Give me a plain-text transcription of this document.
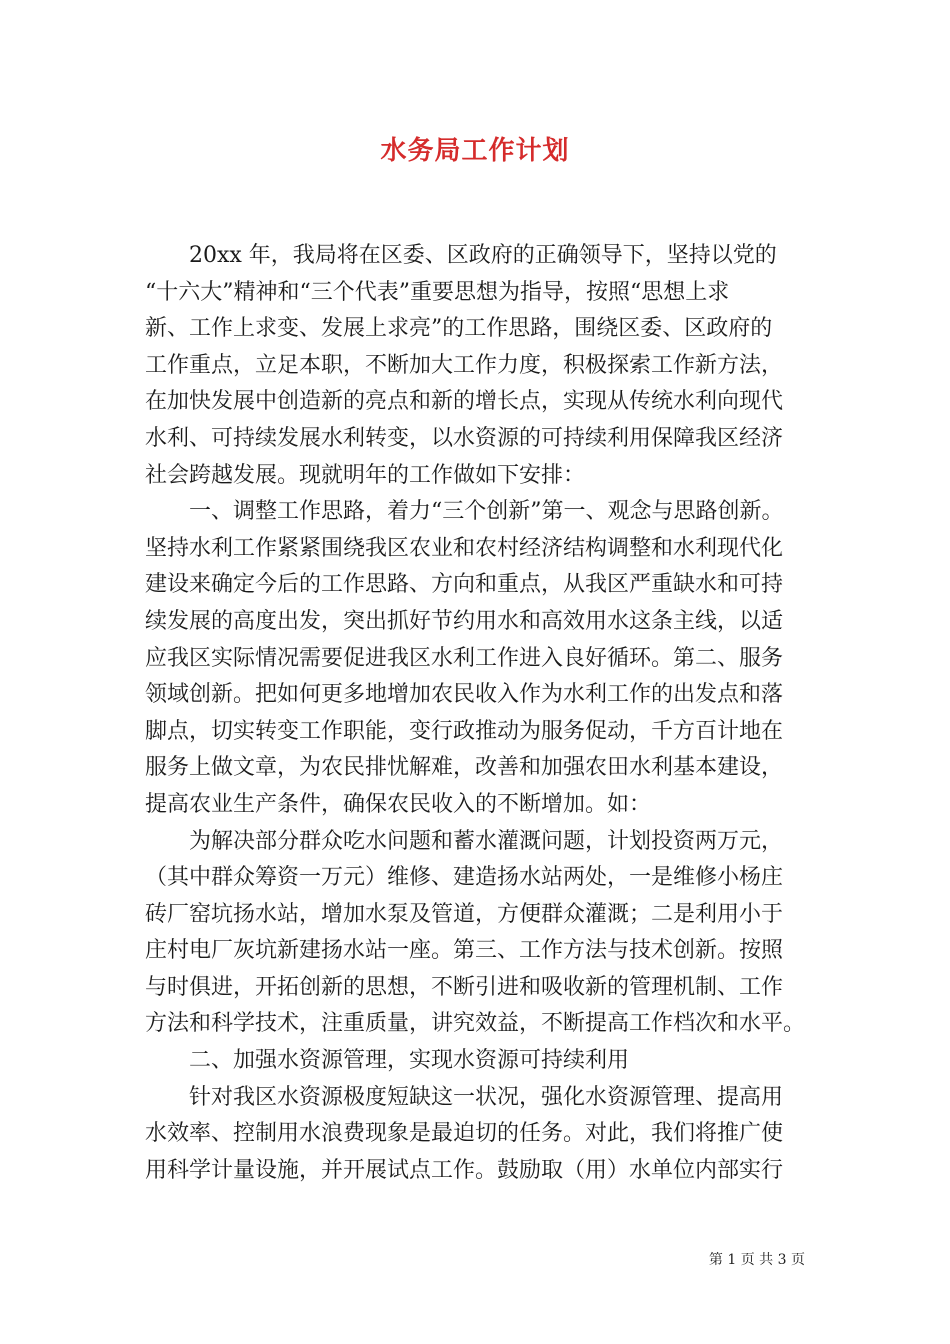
水务局工作计划
20xx 年，我局将在区委、区政府的正确领导下，坚持以党的
“十六大”精神和“三个代表”重要思想为指导，按照“思想上求
新、工作上求变、发展上求亮”的工作思路，围绕区委、区政府的
工作重点，立足本职，不断加大工作力度，积极探索工作新方法，
在加快发展中创造新的亮点和新的增长点，实现从传统水利向现代
水利、可持续发展水利转变，以水资源的可持续利用保障我区经济
社会跨越发展。现就明年的工作做如下安排：
一、调整工作思路，着力“三个创新”第一、观念与思路创新。
坚持水利工作紧紧围绕我区农业和农村经济结构调整和水利现代化
建设来确定今后的工作思路、方向和重点，从我区严重缺水和可持
续发展的高度出发，突出抓好节约用水和高效用水这条主线，以适
应我区实际情况需要促进我区水利工作进入良好循环。第二、服务
领域创新。把如何更多地增加农民收入作为水利工作的出发点和落
脚点，切实转变工作职能，变行政推动为服务促动，千方百计地在
服务上做文章，为农民排忧解难，改善和加强农田水利基本建设，
提高农业生产条件，确保农民收入的不断增加。如：
为解决部分群众吃水问题和蓄水灌溉问题，计划投资两万元，
（其中群众筹资一万元）维修、建造扬水站两处，一是维修小杨庄
砖厂窑坑扬水站，增加水泵及管道，方便群众灌溉；二是利用小于
庄村电厂灰坑新建扬水站一座。第三、工作方法与技术创新。按照
与时俱进，开拓创新的思想，不断引进和吸收新的管理机制、工作
方法和科学技术，注重质量，讲究效益，不断提高工作档次和水平。
二、加强水资源管理，实现水资源可持续利用
针对我区水资源极度短缺这一状况，强化水资源管理、提高用
水效率、控制用水浪费现象是最迫切的任务。对此，我们将推广使
用科学计量设施，并开展试点工作。鼓励取（用）水单位内部实行
第 1 页 共 3 页
